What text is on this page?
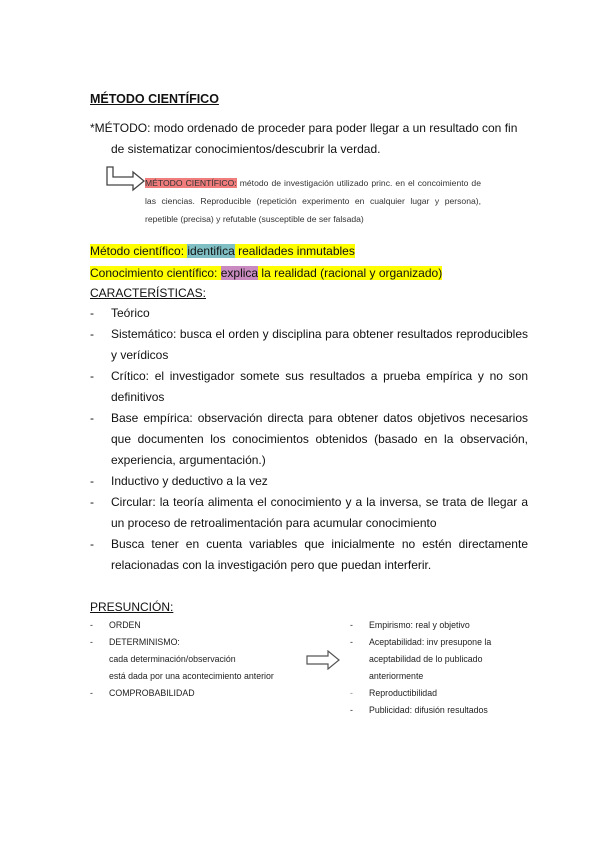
MÉTODO CIENTÍFICO
*MÉTODO: modo ordenado de proceder para poder llegar a un resultado con fin
de sistematizar conocimientos/descubrir la verdad.
MÉTODO CIENTÍFICO: método de investigación utilizado princ. en el concoimiento de las ciencias. Reproducible (repetición experimento en cualquier lugar y persona), repetible (precisa) y refutable (susceptible de ser falsada)
Método científico: identifica realidades inmutables
Conocimiento científico: explica la realidad (racional y organizado)
CARACTERÍSTICAS:
- Teórico
- Sistemático: busca el orden y disciplina para obtener resultados reproducibles y verídicos
- Crítico: el investigador somete sus resultados a prueba empírica y no son definitivos
- Base empírica: observación directa para obtener datos objetivos necesarios que documenten los conocimientos obtenidos (basado en la observación, experiencia, argumentación.)
- Inductivo y deductivo a la vez
- Circular: la teoría alimenta el conocimiento y a la inversa, se trata de llegar a un proceso de retroalimentación para acumular conocimiento
- Busca tener en cuenta variables que inicialmente no estén directamente relacionadas con la investigación pero que puedan interferir.
PRESUNCIÓN:
- ORDEN
- DETERMINISMO:
cada determinación/observación
está dada por una acontecimiento anterior
- COMPROBABILIDAD
- Empirismo: real y objetivo
- Aceptabilidad: inv presupone la aceptabilidad de lo publicado anteriormente
- Reproductibilidad
- Publicidad: difusión resultados
